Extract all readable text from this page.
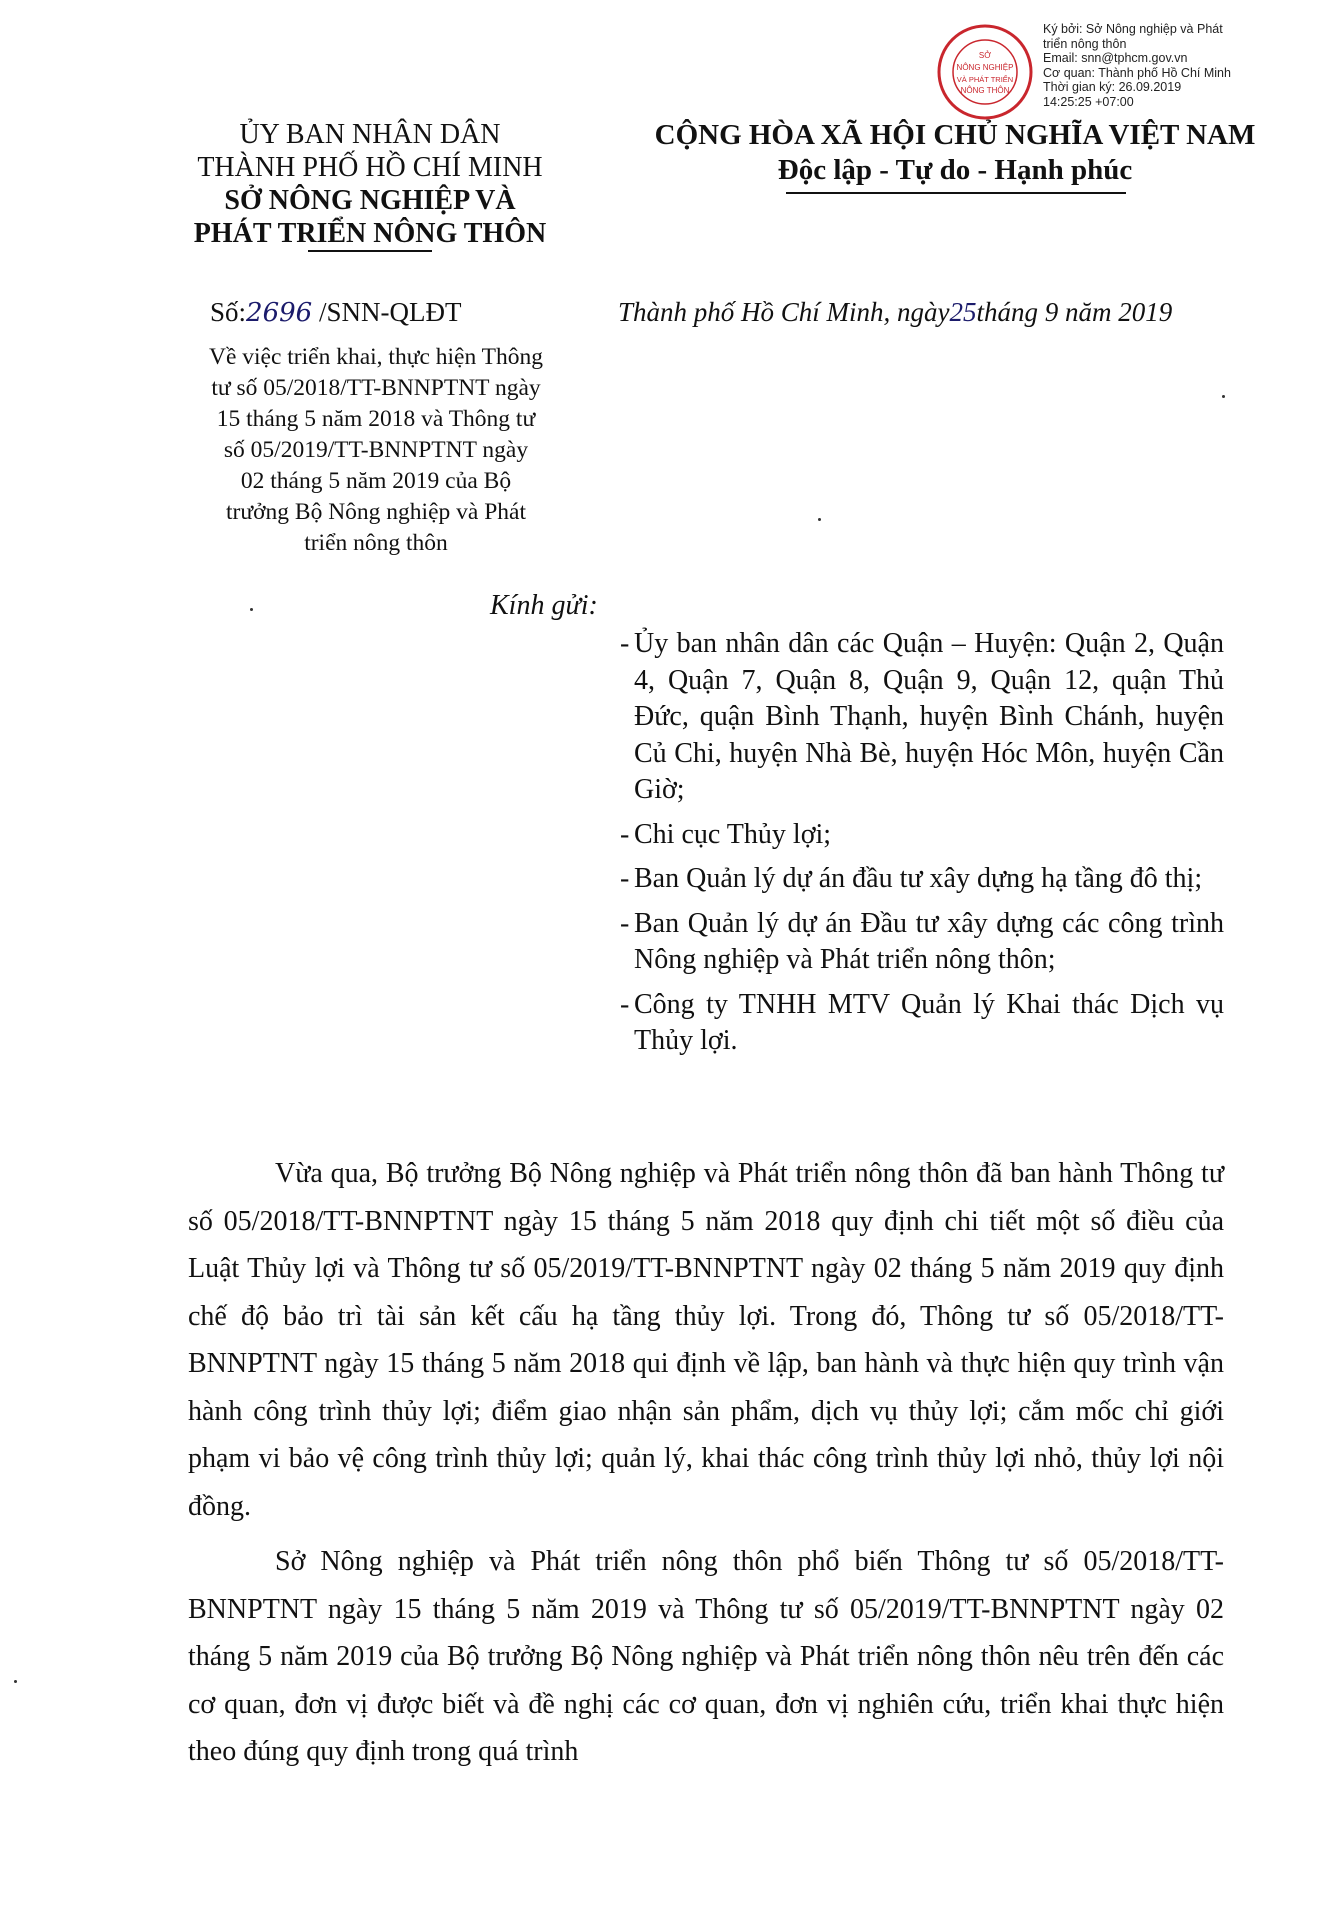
SỞ
NÔNG NGHIỆP
VÀ PHÁT TRIỂN
NÔNG THÔN
Ký bởi: Sở Nông nghiệp và Phát
triển nông thôn
Email: snn@tphcm.gov.vn
Cơ quan: Thành phố Hồ Chí Minh
Thời gian ký: 26.09.2019
14:25:25 +07:00
ỦY BAN NHÂN DÂN
THÀNH PHỐ HỒ CHÍ MINH
SỞ NÔNG NGHIỆP VÀ
PHÁT TRIỂN NÔNG THÔN
CỘNG HÒA XÃ HỘI CHỦ NGHĨA VIỆT NAM
Độc lập - Tự do - Hạnh phúc
Số:2696 /SNN-QLĐT	Thành phố Hồ Chí Minh, ngày25tháng 9 năm 2019
Về việc triển khai, thực hiện Thông
tư số 05/2018/TT-BNNPTNT ngày
15 tháng 5 năm 2018 và Thông tư
số 05/2019/TT-BNNPTNT ngày
02 tháng 5 năm 2019 của Bộ
trưởng Bộ Nông nghiệp và Phát
triển nông thôn
Kính gửi:
- Ủy ban nhân dân các Quận – Huyện: Quận 2, Quận 4, Quận 7, Quận 8, Quận 9, Quận 12, quận Thủ Đức, quận Bình Thạnh, huyện Bình Chánh, huyện Củ Chi, huyện Nhà Bè, huyện Hóc Môn, huyện Cần Giờ;
- Chi cục Thủy lợi;
- Ban Quản lý dự án đầu tư xây dựng hạ tầng đô thị;
- Ban Quản lý dự án Đầu tư xây dựng các công trình Nông nghiệp và Phát triển nông thôn;
- Công ty TNHH MTV Quản lý Khai thác Dịch vụ Thủy lợi.

Vừa qua, Bộ trưởng Bộ Nông nghiệp và Phát triển nông thôn đã ban hành Thông tư số 05/2018/TT-BNNPTNT ngày 15 tháng 5 năm 2018 quy định chi tiết một số điều của Luật Thủy lợi và Thông tư số 05/2019/TT-BNNPTNT ngày 02 tháng 5 năm 2019 quy định chế độ bảo trì tài sản kết cấu hạ tầng thủy lợi. Trong đó, Thông tư số 05/2018/TT-BNNPTNT ngày 15 tháng 5 năm 2018 qui định về lập, ban hành và thực hiện quy trình vận hành công trình thủy lợi; điểm giao nhận sản phẩm, dịch vụ thủy lợi; cắm mốc chỉ giới phạm vi bảo vệ công trình thủy lợi; quản lý, khai thác công trình thủy lợi nhỏ, thủy lợi nội đồng.

Sở Nông nghiệp và Phát triển nông thôn phổ biến Thông tư số 05/2018/TT-BNNPTNT ngày 15 tháng 5 năm 2019 và Thông tư số 05/2019/TT-BNNPTNT ngày 02 tháng 5 năm 2019 của Bộ trưởng Bộ Nông nghiệp và Phát triển nông thôn nêu trên đến các cơ quan, đơn vị được biết và đề nghị các cơ quan, đơn vị nghiên cứu, triển khai thực hiện theo đúng quy định trong quá trình
